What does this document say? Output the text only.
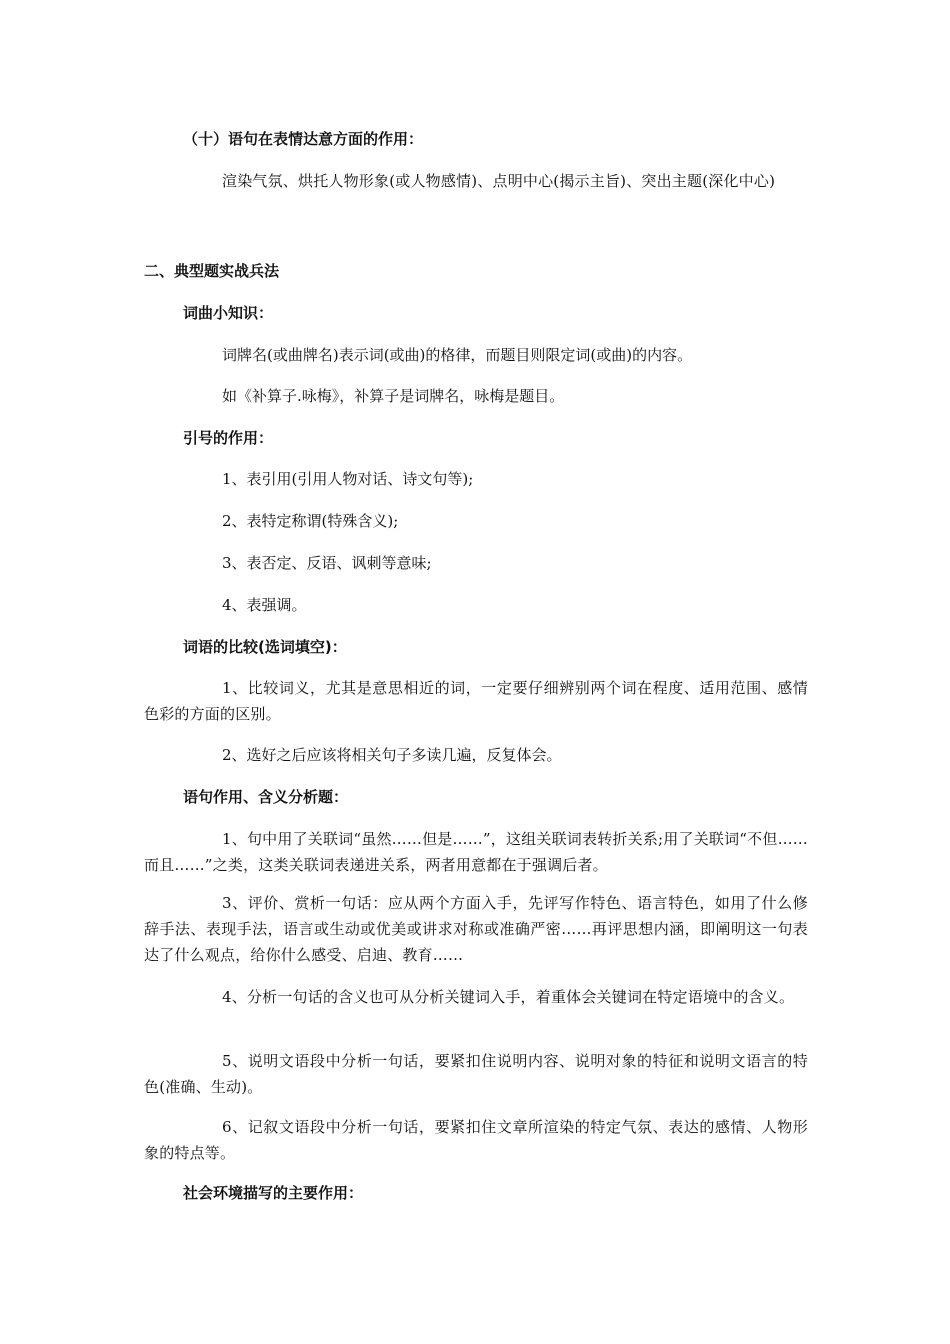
（十）语句在表情达意方面的作用：
渲染气氛、烘托人物形象(或人物感情)、点明中心(揭示主旨)、突出主题(深化中心)
二、典型题实战兵法
词曲小知识：
词牌名(或曲牌名)表示词(或曲)的格律，而题目则限定词(或曲)的内容。
如《补算子.咏梅》，补算子是词牌名，咏梅是题目。
引号的作用：
1、表引用(引用人物对话、诗文句等);
2、表特定称谓(特殊含义);
3、表否定、反语、讽刺等意味;
4、表强调。
词语的比较(选词填空)：
1、比较词义，尤其是意思相近的词，一定要仔细辨别两个词在程度、适用范围、感情色彩的方面的区别。
2、选好之后应该将相关句子多读几遍，反复体会。
语句作用、含义分析题：
1、句中用了关联词“虽然……但是……”，这组关联词表转折关系;用了关联词“不但……而且……”之类，这类关联词表递进关系，两者用意都在于强调后者。
3、评价、赏析一句话：应从两个方面入手，先评写作特色、语言特色，如用了什么修辞手法、表现手法，语言或生动或优美或讲求对称或准确严密……再评思想内涵，即阐明这一句表达了什么观点，给你什么感受、启迪、教育……
4、分析一句话的含义也可从分析关键词入手，着重体会关键词在特定语境中的含义。
5、说明文语段中分析一句话，要紧扣住说明内容、说明对象的特征和说明文语言的特色(准确、生动)。
6、记叙文语段中分析一句话，要紧扣住文章所渲染的特定气氛、表达的感情、人物形象的特点等。
社会环境描写的主要作用：
